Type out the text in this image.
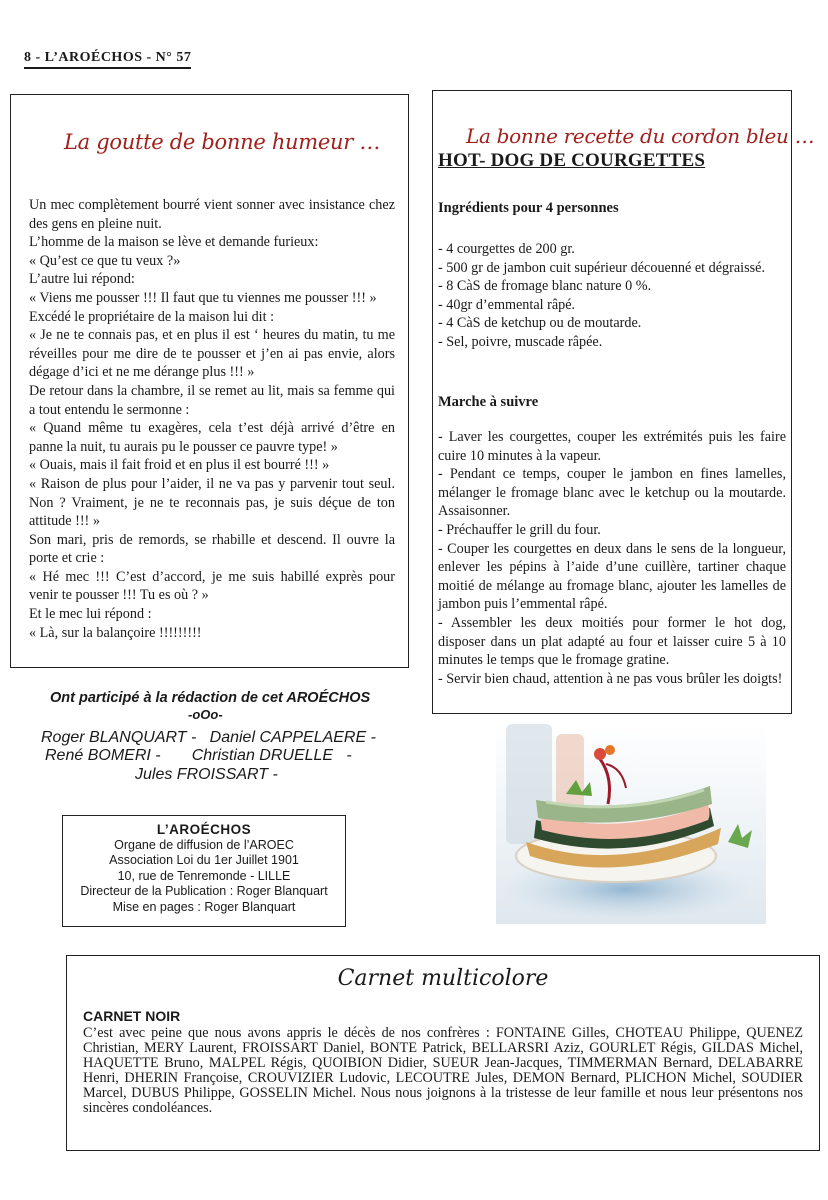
8 - L’AROÉCHOS - N° 57
La goutte de bonne humeur …

Un mec complètement bourré vient sonner avec insistance chez des gens en pleine nuit.

L’homme de la maison se lève et demande furieux:

« Qu’est ce que tu veux ?»

L’autre lui répond:

« Viens me pousser !!! Il faut que tu viennes me pousser !!! »

Excédé le propriétaire de la maison lui dit :

« Je ne te connais pas, et en plus il est ‘ heures du matin, tu me réveilles pour me dire de te pousser et j’en ai pas envie, alors dégage d’ici et ne me dérange plus !!! »

De retour dans la chambre, il se remet au lit, mais sa femme qui a tout entendu le sermonne :

« Quand même tu exagères, cela t’est déjà arrivé d’être en panne la nuit, tu aurais pu le pousser ce pauvre type! »

« Ouais, mais il fait froid et en plus il est bourré !!! »

« Raison de plus pour l’aider, il ne va pas y parvenir tout seul. Non ? Vraiment, je ne te reconnais pas, je suis déçue de ton attitude !!! »

Son mari, pris de remords, se rhabille et descend. Il ouvre la porte et crie :

« Hé mec !!! C’est d’accord, je me suis habillé exprès pour venir te pousser !!! Tu es où ? »

Et le mec lui répond :

« Là, sur la balançoire !!!!!!!!!

La bonne recette du cordon bleu …
HOT- DOG DE COURGETTES
Ingrédients pour 4 personnes

- 4 courgettes de 200 gr.

- 500 gr de jambon cuit supérieur découenné et dégraissé.

- 8 CàS de fromage blanc nature 0 %.

- 40gr d’emmental râpé.

- 4 CàS de ketchup ou de moutarde.

- Sel, poivre, muscade râpée.

Marche à suivre

- Laver les courgettes, couper les extrémités puis les faire cuire 10 minutes à la vapeur.

- Pendant ce temps, couper le jambon en fines lamelles, mélanger le fromage blanc avec le ketchup ou la moutarde. Assaisonner.

- Préchauffer le grill du four.

- Couper les courgettes en deux dans le sens de la longueur, enlever les pépins à l’aide d’une cuillère, tartiner chaque moitié de mélange au fromage blanc, ajouter les lamelles de jambon puis l’emmental râpé.

- Assembler les deux moitiés pour former le hot dog, disposer dans un plat adapté au four et laisser cuire 5 à 10 minutes le temps que le fromage gratine.

- Servir bien chaud, attention à ne pas vous brûler les doigts!

Ont participé à la rédaction de cet AROÉCHOS
-oOo-
Roger BLANQUART -   Daniel CAPPELAERE -
René BOMERI -       Christian DRUELLE   -
Jules FROISSART -
L’AROÉCHOS
Organe de diffusion de l’AROEC
Association Loi du 1er Juillet 1901
10, rue de Tenremonde - LILLE
Directeur de la Publication : Roger Blanquart
Mise en pages : Roger Blanquart
Carnet multicolore
CARNET NOIR
C’est avec peine que nous avons appris le décès de nos confrères : FONTAINE Gilles, CHOTEAU Philippe, QUENEZ Christian, MERY Laurent, FROISSART Daniel, BONTE Patrick, BELLARSRI Aziz, GOURLET Régis, GILDAS Michel, HAQUETTE Bruno, MALPEL Régis, QUOIBION Didier, SUEUR Jean-Jacques, TIMMERMAN Bernard, DELABARRE Henri, DHERIN Françoise, CROUVIZIER Ludovic, LECOUTRE Jules, DEMON Bernard, PLICHON Michel, SOUDIER Marcel, DUBUS Philippe, GOSSELIN Michel. Nous nous joignons à la tristesse de leur famille et nous leur présentons nos sincères condoléances.
